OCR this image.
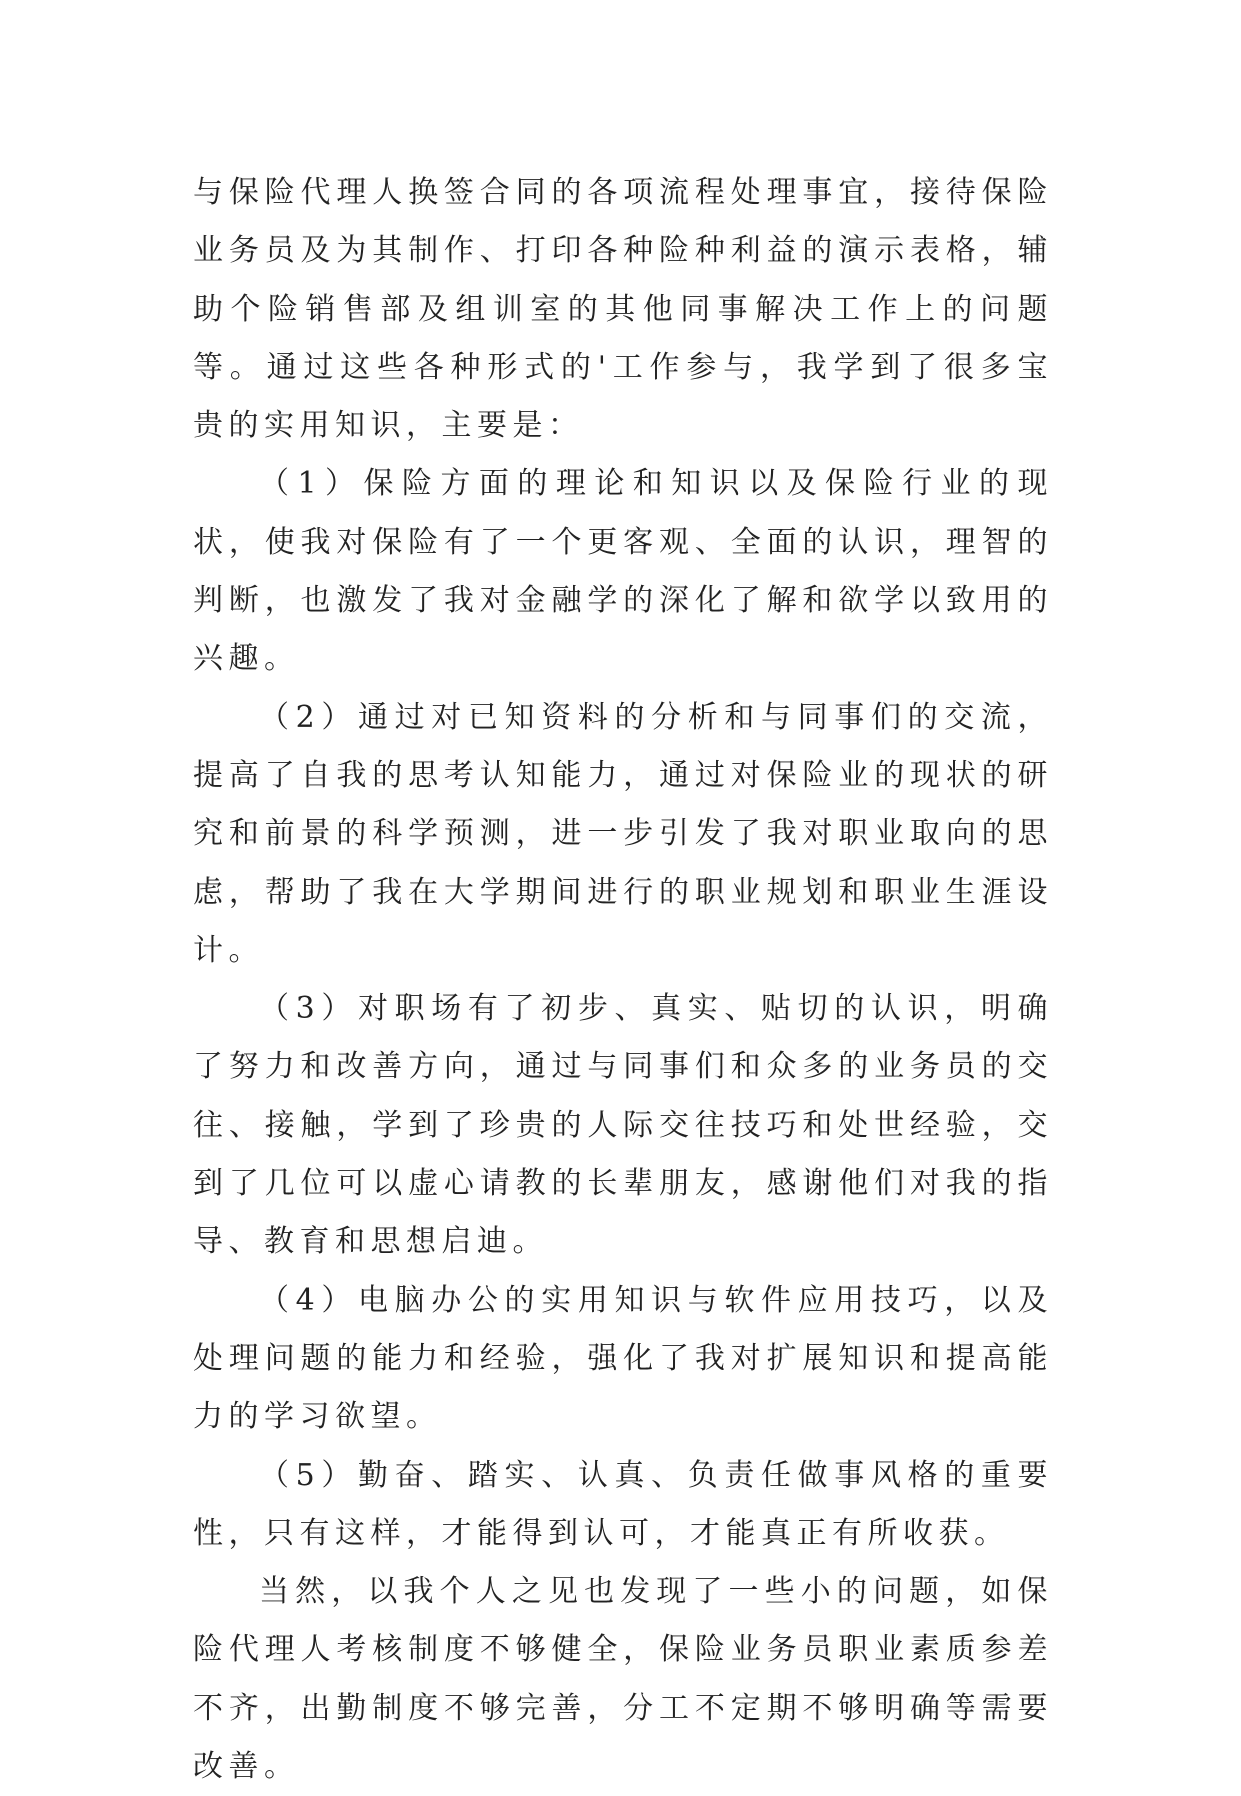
与保险代理人换签合同的各项流程处理事宜，接待保险业务员及为其制作、打印各种险种利益的演示表格，辅助个险销售部及组训室的其他同事解决工作上的问题等。通过这些各种形式的'工作参与，我学到了很多宝贵的实用知识，主要是：

（1）保险方面的理论和知识以及保险行业的现状，使我对保险有了一个更客观、全面的认识，理智的判断，也激发了我对金融学的深化了解和欲学以致用的兴趣。

（2）通过对已知资料的分析和与同事们的交流，提高了自我的思考认知能力，通过对保险业的现状的研究和前景的科学预测，进一步引发了我对职业取向的思虑，帮助了我在大学期间进行的职业规划和职业生涯设计。

（3）对职场有了初步、真实、贴切的认识，明确了努力和改善方向，通过与同事们和众多的业务员的交往、接触，学到了珍贵的人际交往技巧和处世经验，交到了几位可以虚心请教的长辈朋友，感谢他们对我的指导、教育和思想启迪。

（4）电脑办公的实用知识与软件应用技巧，以及处理问题的能力和经验，强化了我对扩展知识和提高能力的学习欲望。

（5）勤奋、踏实、认真、负责任做事风格的重要性，只有这样，才能得到认可，才能真正有所收获。

当然，以我个人之见也发现了一些小的问题，如保险代理人考核制度不够健全，保险业务员职业素质参差不齐，出勤制度不够完善，分工不定期不够明确等需要改善。
